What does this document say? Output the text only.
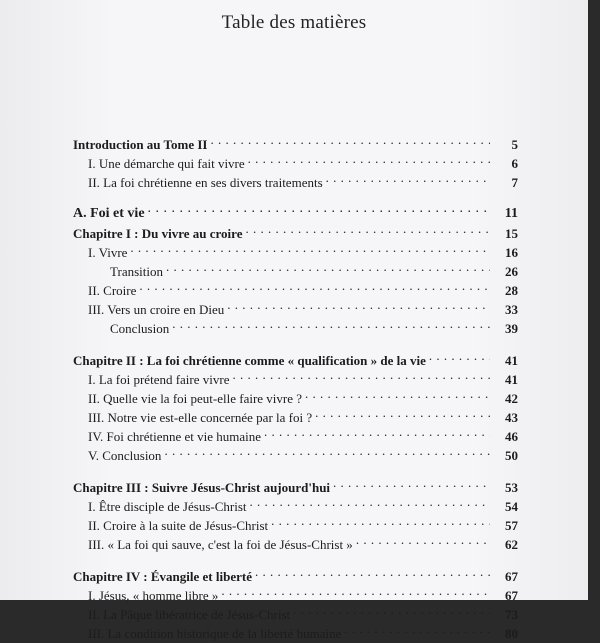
Table des matières
Introduction au Tome II . . .	5
I. Une démarche qui fait vivre . . .	6
II. La foi chrétienne en ses divers traitements . . .	7
A. Foi et vie . . .	11
Chapitre I : Du vivre au croire . . .	15
I. Vivre . . .	16
Transition . . .	26
II. Croire . . .	28
III. Vers un croire en Dieu . . .	33
Conclusion . . .	39
Chapitre II : La foi chrétienne comme « qualification » de la vie . . .	41
I. La foi prétend faire vivre . . .	41
II. Quelle vie la foi peut-elle faire vivre ? . . .	42
III. Notre vie est-elle concernée par la foi ? . . .	43
IV. Foi chrétienne et vie humaine . . .	46
V. Conclusion . . .	50
Chapitre III : Suivre Jésus-Christ aujourd'hui . . .	53
I. Être disciple de Jésus-Christ . . .	54
II. Croire à la suite de Jésus-Christ . . .	57
III. « La foi qui sauve, c'est la foi de Jésus-Christ » . . .	62
Chapitre IV : Évangile et liberté . . .	67
I. Jésus, « homme libre » . . .	67
II. La Pâque libératrice de Jésus-Christ . . .	73
III. La condition historique de la liberté humaine . . .	80
